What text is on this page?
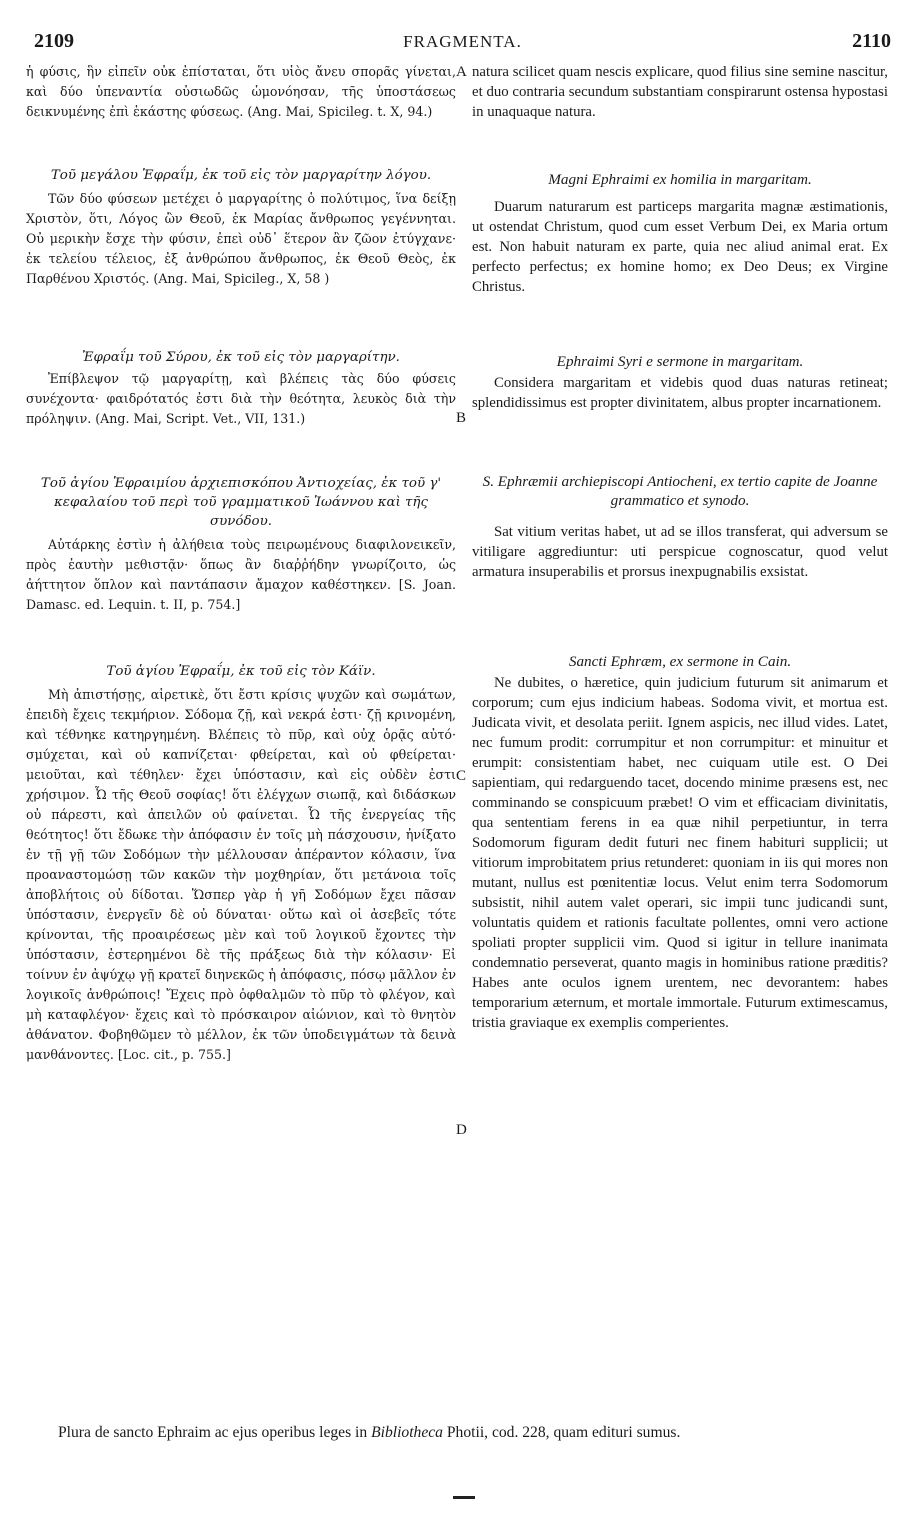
2109	FRAGMENTA.	2110

ἡ φύσις, ἣν εἰπεῖν οὐκ ἐπίσταται, ὅτι υἱὸς ἄνευ σπορᾶς γίνεται, καὶ δύο ὑπεναντία οὐσιωδῶς ὡμονόησαν, τῆς ὑποστάσεως δεικνυμένης ἐπὶ ἑκάστης φύσεως. (Ang. Mai, Spicileg. t. X, 94.)

Τοῦ μεγάλου Ἐφραΐμ, ἐκ τοῦ εἰς τὸν μαργαρίτην λόγου.

Τῶν δύο φύσεων μετέχει ὁ μαργαρίτης ὁ πολύτιμος, ἵνα δείξῃ Χριστὸν, ὅτι, Λόγος ὢν Θεοῦ, ἐκ Μαρίας ἄνθρωπος γεγέννηται. Οὐ μερικὴν ἔσχε τὴν φύσιν, ἐπεὶ οὐδ᾽ ἕτερον ἂν ζῶον ἐτύγχανε· ἐκ τελείου τέλειος, ἐξ ἀνθρώπου ἄνθρωπος, ἐκ Θεοῦ Θεὸς, ἐκ Παρθένου Χριστός. (Ang. Mai, Spicileg., X, 58 )

Ἐφραΐμ τοῦ Σύρου, ἐκ τοῦ εἰς τὸν μαργαρίτην.

Ἐπίβλεψον τῷ μαργαρίτῃ, καὶ βλέπεις τὰς δύο φύσεις συνέχοντα· φαιδρότατός ἐστι διὰ τὴν θεότητα, λευκὸς διὰ τὴν πρόληψιν. (Ang. Mai, Script. Vet., VII, 131.)

Τοῦ ἁγίου Ἐφραιμίου ἀρχιεπισκόπου Ἀντιοχείας, ἐκ τοῦ γ' κεφαλαίου τοῦ περὶ τοῦ γραμματικοῦ Ἰωάννου καὶ τῆς συνόδου.

Αὐτάρκης ἐστὶν ἡ ἀλήθεια τοὺς πειρωμένους διαφιλονεικεῖν, πρὸς ἑαυτὴν μεθιστᾷν· ὅπως ἂν διαῤῥήδην γνωρίζοιτο, ὡς ἀήττητον ὅπλον καὶ παντάπασιν ἄμαχον καθέστηκεν. [S. Joan. Damasc. ed. Lequin. t. II, p. 754.]

Τοῦ ἁγίου Ἐφραΐμ, ἐκ τοῦ εἰς τὸν Κάϊν.

Μὴ ἀπιστήσῃς, αἱρετικὲ, ὅτι ἔστι κρίσις ψυχῶν καὶ σωμάτων, ἐπειδὴ ἔχεις τεκμήριον. Σόδομα ζῇ, καὶ νεκρά ἐστι· ζῇ κρινομένη, καὶ τέθνηκε κατηργημένη. Βλέπεις τὸ πῦρ, καὶ οὐχ ὁρᾷς αὐτό· σμύχεται, καὶ οὐ καπνίζεται· φθείρεται, καὶ οὐ φθείρεται· μειοῦται, καὶ τέθηλεν· ἔχει ὑπόστασιν, καὶ εἰς οὐδὲν ἐστι χρήσιμον. Ὦ τῆς Θεοῦ σοφίας! ὅτι ἐλέγχων σιωπᾷ, καὶ διδάσκων οὐ πάρεστι, καὶ ἀπειλῶν οὐ φαίνεται. Ὦ τῆς ἐνεργείας τῆς θεότητος! ὅτι ἔδωκε τὴν ἀπόφασιν ἐν τοῖς μὴ πάσχουσιν, ἠνίξατο ἐν τῇ γῇ τῶν Σοδόμων τὴν μέλλουσαν ἀπέραντον κόλασιν, ἵνα προαναστομώσῃ τῶν κακῶν τὴν μοχθηρίαν, ὅτι μετάνοια τοῖς ἀποβλήτοις οὐ δίδοται. Ὥσπερ γὰρ ἡ γῆ Σοδόμων ἔχει πᾶσαν ὑπόστασιν, ἐνεργεῖν δὲ οὐ δύναται· οὕτω καὶ οἱ ἀσεβεῖς τότε κρίνονται, τῆς προαιρέσεως μὲν καὶ τοῦ λογικοῦ ἔχοντες τὴν ὑπόστασιν, ἐστερημένοι δὲ τῆς πράξεως διὰ τὴν κόλασιν· Εἰ τοίνυν ἐν ἀψύχῳ γῇ κρατεῖ διηνεκῶς ἡ ἀπόφασις, πόσῳ μᾶλλον ἐν λογικοῖς ἀνθρώποις! Ἔχεις πρὸ ὀφθαλμῶν τὸ πῦρ τὸ φλέγον, καὶ μὴ καταφλέγον· ἔχεις καὶ τὸ πρόσκαιρον αἰώνιον, καὶ τὸ θνητὸν ἀθάνατον. Φοβηθῶμεν τὸ μέλλον, ἐκ τῶν ὑποδειγμάτων τὰ δεινὰ μανθάνοντες. [Loc. cit., p. 755.]

A
B
C
D

natura scilicet quam nescis explicare, quod filius sine semine nascitur, et duo contraria secundum substantiam conspirarunt ostensa hypostasi in unaquaque natura.

Magni Ephraimi ex homilia in margaritam.

Duarum naturarum est particeps margarita magnæ æstimationis, ut ostendat Christum, quod cum esset Verbum Dei, ex Maria ortum est. Non habuit naturam ex parte, quia nec aliud animal erat. Ex perfecto perfectus; ex homine homo; ex Deo Deus; ex Virgine Christus.

Ephraimi Syri e sermone in margaritam.

Considera margaritam et videbis quod duas naturas retineat; splendidissimus est propter divinitatem, albus propter incarnationem.

S. Ephræmii archiepiscopi Antiocheni, ex tertio capite de Joanne grammatico et synodo.

Sat vitium veritas habet, ut ad se illos transferat, qui adversum se vitiligare aggrediuntur: uti perspicue cognoscatur, quod velut armatura insuperabilis et prorsus inexpugnabilis exsistat.

Sancti Ephræm, ex sermone in Cain.

Ne dubites, o hæretice, quin judicium futurum sit animarum et corporum; cum ejus indicium habeas. Sodoma vivit, et mortua est. Judicata vivit, et desolata periit. Ignem aspicis, nec illud vides. Latet, nec fumum prodit: corrumpitur et non corrumpitur: et minuitur et erumpit: consistentiam habet, nec cuiquam utile est. O Dei sapientiam, qui redarguendo tacet, docendo minime præsens est, nec comminando se conspicuum præbet! O vim et efficaciam divinitatis, qua sententiam ferens in ea quæ nihil perpetiuntur, in terra Sodomorum figuram dedit futuri nec finem habituri supplicii; ut vitiorum improbitatem prius retunderet: quoniam in iis qui mores non mutant, nullus est pœnitentiæ locus. Velut enim terra Sodomorum subsistit, nihil autem valet operari, sic impii tunc judicandi sunt, voluntatis quidem et rationis facultate pollentes, omni vero actione spoliati propter supplicii vim. Quod si igitur in tellure inanimata condemnatio perseverat, quanto magis in hominibus ratione præditis? Habes ante oculos ignem urentem, nec devorantem: habes temporarium æternum, et mortale immortale. Futurum extimescamus, tristia graviaque ex exemplis comperientes.

Plura de sancto Ephraim ac ejus operibus leges in Bibliotheca Photii, cod. 228, quam edituri sumus.
